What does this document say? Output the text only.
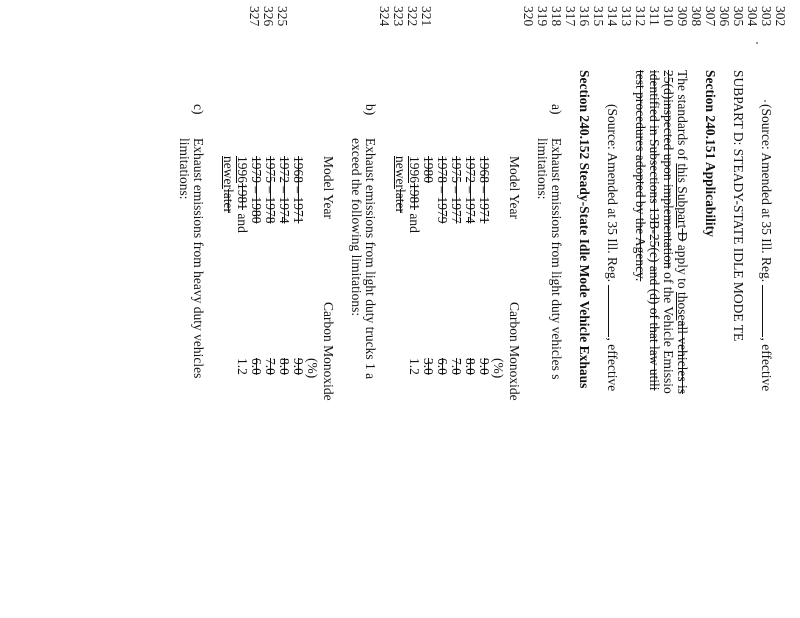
302
303
304
305
306
307
308
309
310
311
312
313
314
315
316
317
318
319
320
321
322
323
324
325
326
327
(Source: Amended at 35 Ill. Reg. , effective
SUBPART D: STEADY-STATE IDLE MODE TE
Section 240.151 Applicability
The standards of this Subpart D apply to thoseall vehicles is
25(d)inspected upon implementation of the Vehicle Emissio
identified in Subsections 13B-25(c) and (d) of that law utili
test procedures adopted by the Agency.
(Source: Amended at 35 Ill. Reg. , effective
Section 240.152 Steady-State Idle Mode Vehicle Exhaus
a)
Exhaust emissions from light duty vehicles s
limitations:
Model Year
Carbon Monoxide
(%)
1968 – 1971
9.0
1972 – 1974
8.0
1975 – 1977
7.0
1978 – 1979
6.0
1980
3.0
19961981 and
1.2
newerlater
b)
Exhaust emissions from light duty trucks 1 a
exceed the following limitations:
Model Year
Carbon Monoxide
(%)
1968 – 1971
9.0
1972 – 1974
8.0
1975 – 1978
7.0
1979 – 1980
6.0
19961981 and
1.2
newerlater
c)
Exhaust emissions from heavy duty vehicles
limitations:
